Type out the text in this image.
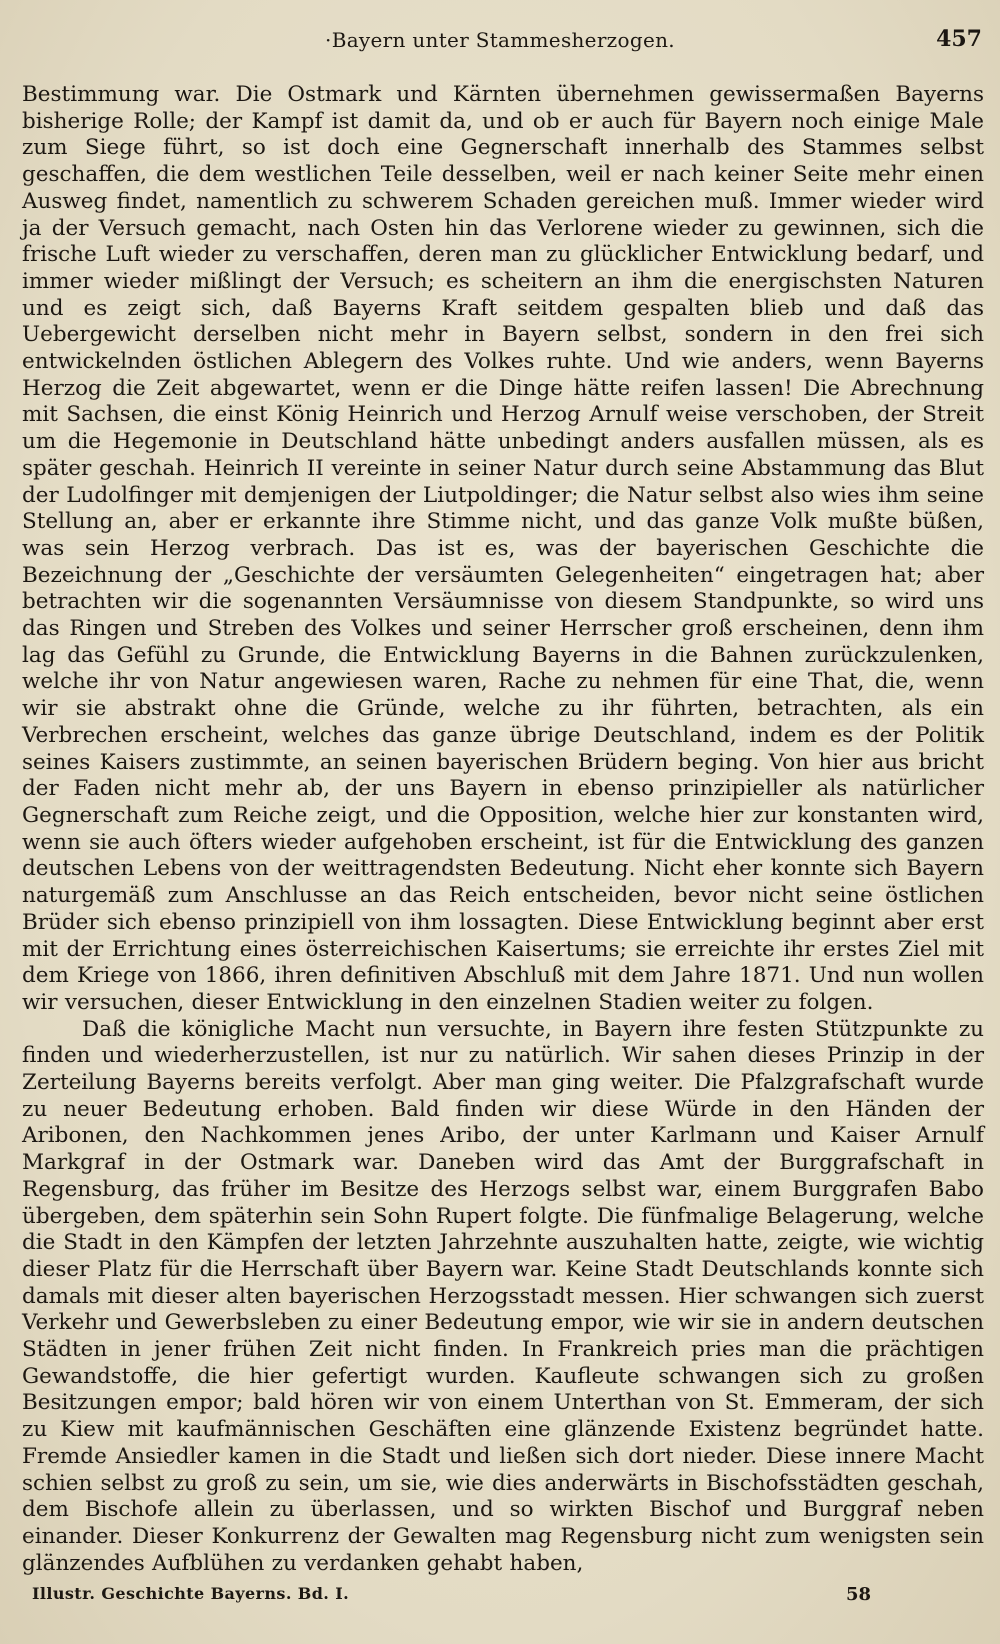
·Bayern unter Stammesherzogen.	457

Bestimmung war. Die Ostmark und Kärnten übernehmen gewissermaßen Bayerns bisherige Rolle; der Kampf ist damit da, und ob er auch für Bayern noch einige Male zum Siege führt, so ist doch eine Gegnerschaft innerhalb des Stammes selbst geschaffen, die dem westlichen Teile desselben, weil er nach keiner Seite mehr einen Ausweg findet, namentlich zu schwerem Schaden gereichen muß. Immer wieder wird ja der Versuch gemacht, nach Osten hin das Verlorene wieder zu gewinnen, sich die frische Luft wieder zu verschaffen, deren man zu glücklicher Entwicklung bedarf, und immer wieder mißlingt der Versuch; es scheitern an ihm die energischsten Naturen und es zeigt sich, daß Bayerns Kraft seitdem gespalten blieb und daß das Uebergewicht derselben nicht mehr in Bayern selbst, sondern in den frei sich entwickelnden östlichen Ablegern des Volkes ruhte. Und wie anders, wenn Bayerns Herzog die Zeit abgewartet, wenn er die Dinge hätte reifen lassen! Die Abrechnung mit Sachsen, die einst König Heinrich und Herzog Arnulf weise verschoben, der Streit um die Hegemonie in Deutschland hätte unbedingt anders ausfallen müssen, als es später geschah. Heinrich II vereinte in seiner Natur durch seine Abstammung das Blut der Ludolfinger mit demjenigen der Liutpoldinger; die Natur selbst also wies ihm seine Stellung an, aber er erkannte ihre Stimme nicht, und das ganze Volk mußte büßen, was sein Herzog verbrach. Das ist es, was der bayerischen Geschichte die Bezeichnung der „Geschichte der versäumten Gelegenheiten“ eingetragen hat; aber betrachten wir die sogenannten Versäumnisse von diesem Standpunkte, so wird uns das Ringen und Streben des Volkes und seiner Herrscher groß erscheinen, denn ihm lag das Gefühl zu Grunde, die Entwicklung Bayerns in die Bahnen zurückzulenken, welche ihr von Natur angewiesen waren, Rache zu nehmen für eine That, die, wenn wir sie abstrakt ohne die Gründe, welche zu ihr führten, betrachten, als ein Verbrechen erscheint, welches das ganze übrige Deutschland, indem es der Politik seines Kaisers zustimmte, an seinen bayerischen Brüdern beging. Von hier aus bricht der Faden nicht mehr ab, der uns Bayern in ebenso prinzipieller als natürlicher Gegnerschaft zum Reiche zeigt, und die Opposition, welche hier zur konstanten wird, wenn sie auch öfters wieder aufgehoben erscheint, ist für die Entwicklung des ganzen deutschen Lebens von der weittragendsten Bedeutung. Nicht eher konnte sich Bayern naturgemäß zum Anschlusse an das Reich entscheiden, bevor nicht seine östlichen Brüder sich ebenso prinzipiell von ihm lossagten. Diese Entwicklung beginnt aber erst mit der Errichtung eines österreichischen Kaisertums; sie erreichte ihr erstes Ziel mit dem Kriege von 1866, ihren definitiven Abschluß mit dem Jahre 1871. Und nun wollen wir versuchen, dieser Entwicklung in den einzelnen Stadien weiter zu folgen.

Daß die königliche Macht nun versuchte, in Bayern ihre festen Stützpunkte zu finden und wiederherzustellen, ist nur zu natürlich. Wir sahen dieses Prinzip in der Zerteilung Bayerns bereits verfolgt. Aber man ging weiter. Die Pfalzgrafschaft wurde zu neuer Bedeutung erhoben. Bald finden wir diese Würde in den Händen der Aribonen, den Nachkommen jenes Aribo, der unter Karlmann und Kaiser Arnulf Markgraf in der Ostmark war. Daneben wird das Amt der Burggrafschaft in Regensburg, das früher im Besitze des Herzogs selbst war, einem Burggrafen Babo übergeben, dem späterhin sein Sohn Rupert folgte. Die fünfmalige Belagerung, welche die Stadt in den Kämpfen der letzten Jahrzehnte auszuhalten hatte, zeigte, wie wichtig dieser Platz für die Herrschaft über Bayern war. Keine Stadt Deutschlands konnte sich damals mit dieser alten bayerischen Herzogsstadt messen. Hier schwangen sich zuerst Verkehr und Gewerbsleben zu einer Bedeutung empor, wie wir sie in andern deutschen Städten in jener frühen Zeit nicht finden. In Frankreich pries man die prächtigen Gewandstoffe, die hier gefertigt wurden. Kaufleute schwangen sich zu großen Besitzungen empor; bald hören wir von einem Unterthan von St. Emmeram, der sich zu Kiew mit kaufmännischen Geschäften eine glänzende Existenz begründet hatte. Fremde Ansiedler kamen in die Stadt und ließen sich dort nieder. Diese innere Macht schien selbst zu groß zu sein, um sie, wie dies anderwärts in Bischofsstädten geschah, dem Bischofe allein zu überlassen, und so wirkten Bischof und Burggraf neben einander. Dieser Konkurrenz der Gewalten mag Regensburg nicht zum wenigsten sein glänzendes Aufblühen zu verdanken gehabt haben,

Illustr. Geschichte Bayerns. Bd. I.	58
